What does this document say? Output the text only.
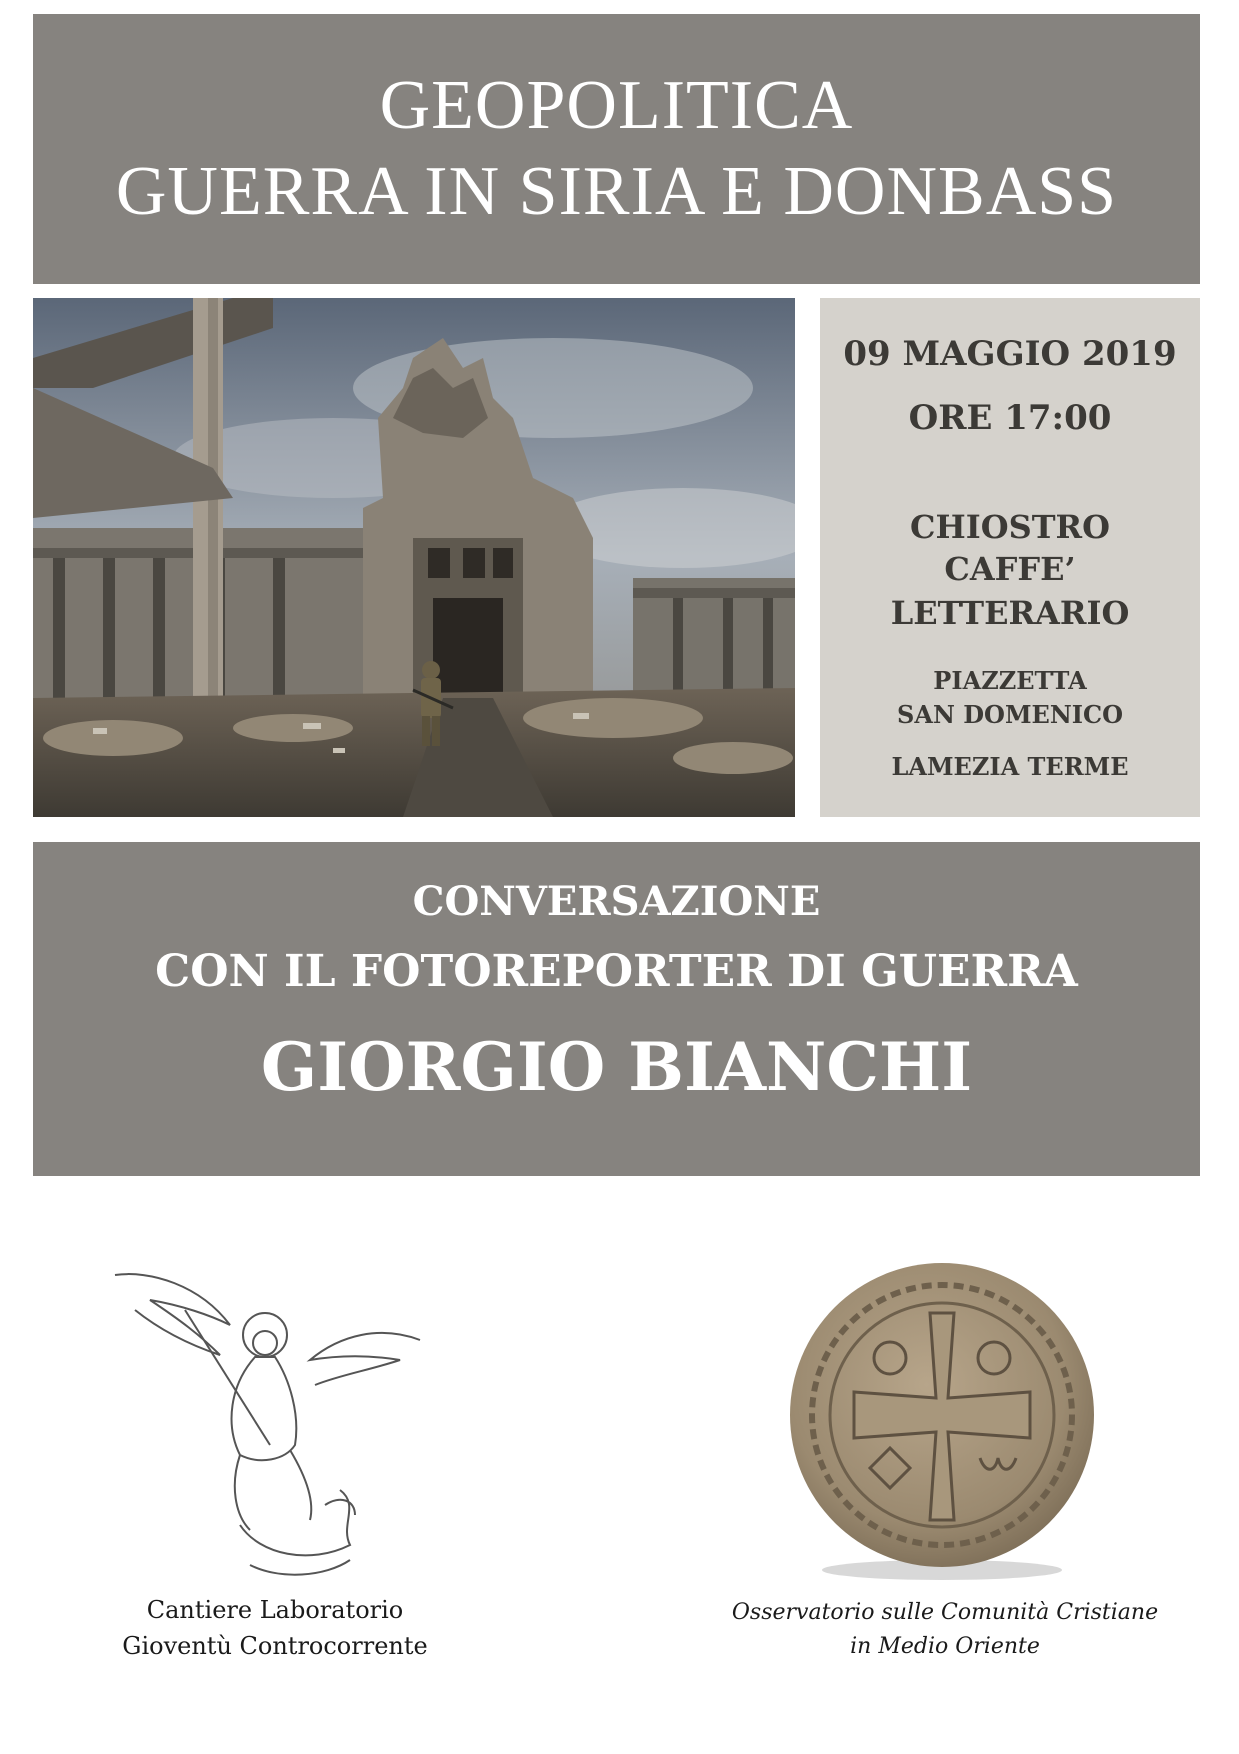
GEOPOLITICA
GUERRA IN SIRIA E DONBASS
09 MAGGIO 2019
ORE 17:00
CHIOSTRO
CAFFE’
LETTERARIO
PIAZZETTA
SAN DOMENICO
LAMEZIA TERME
CONVERSAZIONE
CON IL FOTOREPORTER DI GUERRA
GIORGIO BIANCHI
Cantiere Laboratorio
Gioventù Controcorrente
Osservatorio sulle Comunità Cristiane
in Medio Oriente
